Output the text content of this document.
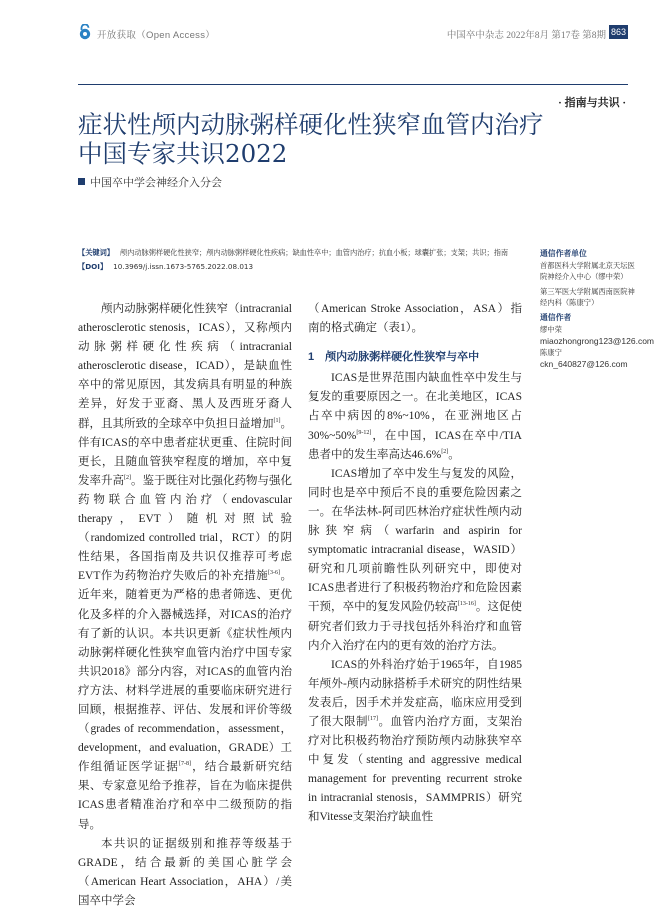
开放获取（Open Access）	中国卒中杂志 2022年8月 第17卷 第8期 863
· 指南与共识 ·
症状性颅内动脉粥样硬化性狭窄血管内治疗中国专家共识2022
中国卒中学会神经介入分会
【关键词】 颅内动脉粥样硬化性狭窄；颅内动脉粥样硬化性疾病；缺血性卒中；血管内治疗；抗血小板；球囊扩张；支架；共识；指南
【DOI】 10.3969/j.issn.1673-5765.2022.08.013
通信作者单位
首都医科大学附属北京天坛医院神经介入中心（缪中荣）
第三军医大学附属西南医院神经内科（陈康宁）
通信作者
缪中荣
miaozhongrong123@126.com
陈康宁
ckn_640827@126.com

颅内动脉粥样硬化性狭窄（intracranial atherosclerotic stenosis，ICAS），又称颅内动脉粥样硬化性疾病（intracranial atherosclerotic disease，ICAD），是缺血性卒中的常见原因，其发病具有明显的种族差异，好发于亚裔、黑人及西班牙裔人群，且其所致的全球卒中负担日益增加[1]。伴有ICAS的卒中患者症状更重、住院时间更长，且随血管狭窄程度的增加，卒中复发率升高[2]。鉴于既往对比强化药物与强化药物联合血管内治疗（endovascular therapy，EVT）随机对照试验（randomized controlled trial，RCT）的阴性结果，各国指南及共识仅推荐可考虑EVT作为药物治疗失败后的补充措施[3-6]。近年来，随着更为严格的患者筛选、更优化及多样的介入器械选择，对ICAS的治疗有了新的认识。本共识更新《症状性颅内动脉粥样硬化性狭窄血管内治疗中国专家共识2018》部分内容，对ICAS的血管内治疗方法、材料学进展的重要临床研究进行回顾，根据推荐、评估、发展和评价等级（grades of recommendation，assessment，development，and evaluation，GRADE）工作组循证医学证据[7-8]，结合最新研究结果、专家意见给予推荐，旨在为临床提供ICAS患者精准治疗和卒中二级预防的指导。

本共识的证据级别和推荐等级基于GRADE，结合最新的美国心脏学会（American Heart Association，AHA）/美国卒中学会

（American Stroke Association，ASA）指南的格式确定（表1）。

1　颅内动脉粥样硬化性狭窄与卒中

ICAS是世界范围内缺血性卒中发生与复发的重要原因之一。在北美地区，ICAS占卒中病因的8%~10%，在亚洲地区占30%~50%[9-12]，在中国，ICAS在卒中/TIA患者中的发生率高达46.6%[2]。

ICAS增加了卒中发生与复发的风险，同时也是卒中预后不良的重要危险因素之一。在华法林-阿司匹林治疗症状性颅内动脉狭窄病（warfarin and aspirin for symptomatic intracranial disease，WASID）研究和几项前瞻性队列研究中，即使对ICAS患者进行了积极药物治疗和危险因素干预，卒中的复发风险仍较高[13-16]。这促使研究者们致力于寻找包括外科治疗和血管内介入治疗在内的更有效的治疗方法。

ICAS的外科治疗始于1965年，自1985年颅外-颅内动脉搭桥手术研究的阴性结果发表后，因手术并发症高，临床应用受到了很大限制[17]。血管内治疗方面，支架治疗对比积极药物治疗预防颅内动脉狭窄卒中复发（stenting and aggressive medical management for preventing recurrent stroke in intracranial stenosis，SAMMPRIS）研究和Vitesse支架治疗缺血性
